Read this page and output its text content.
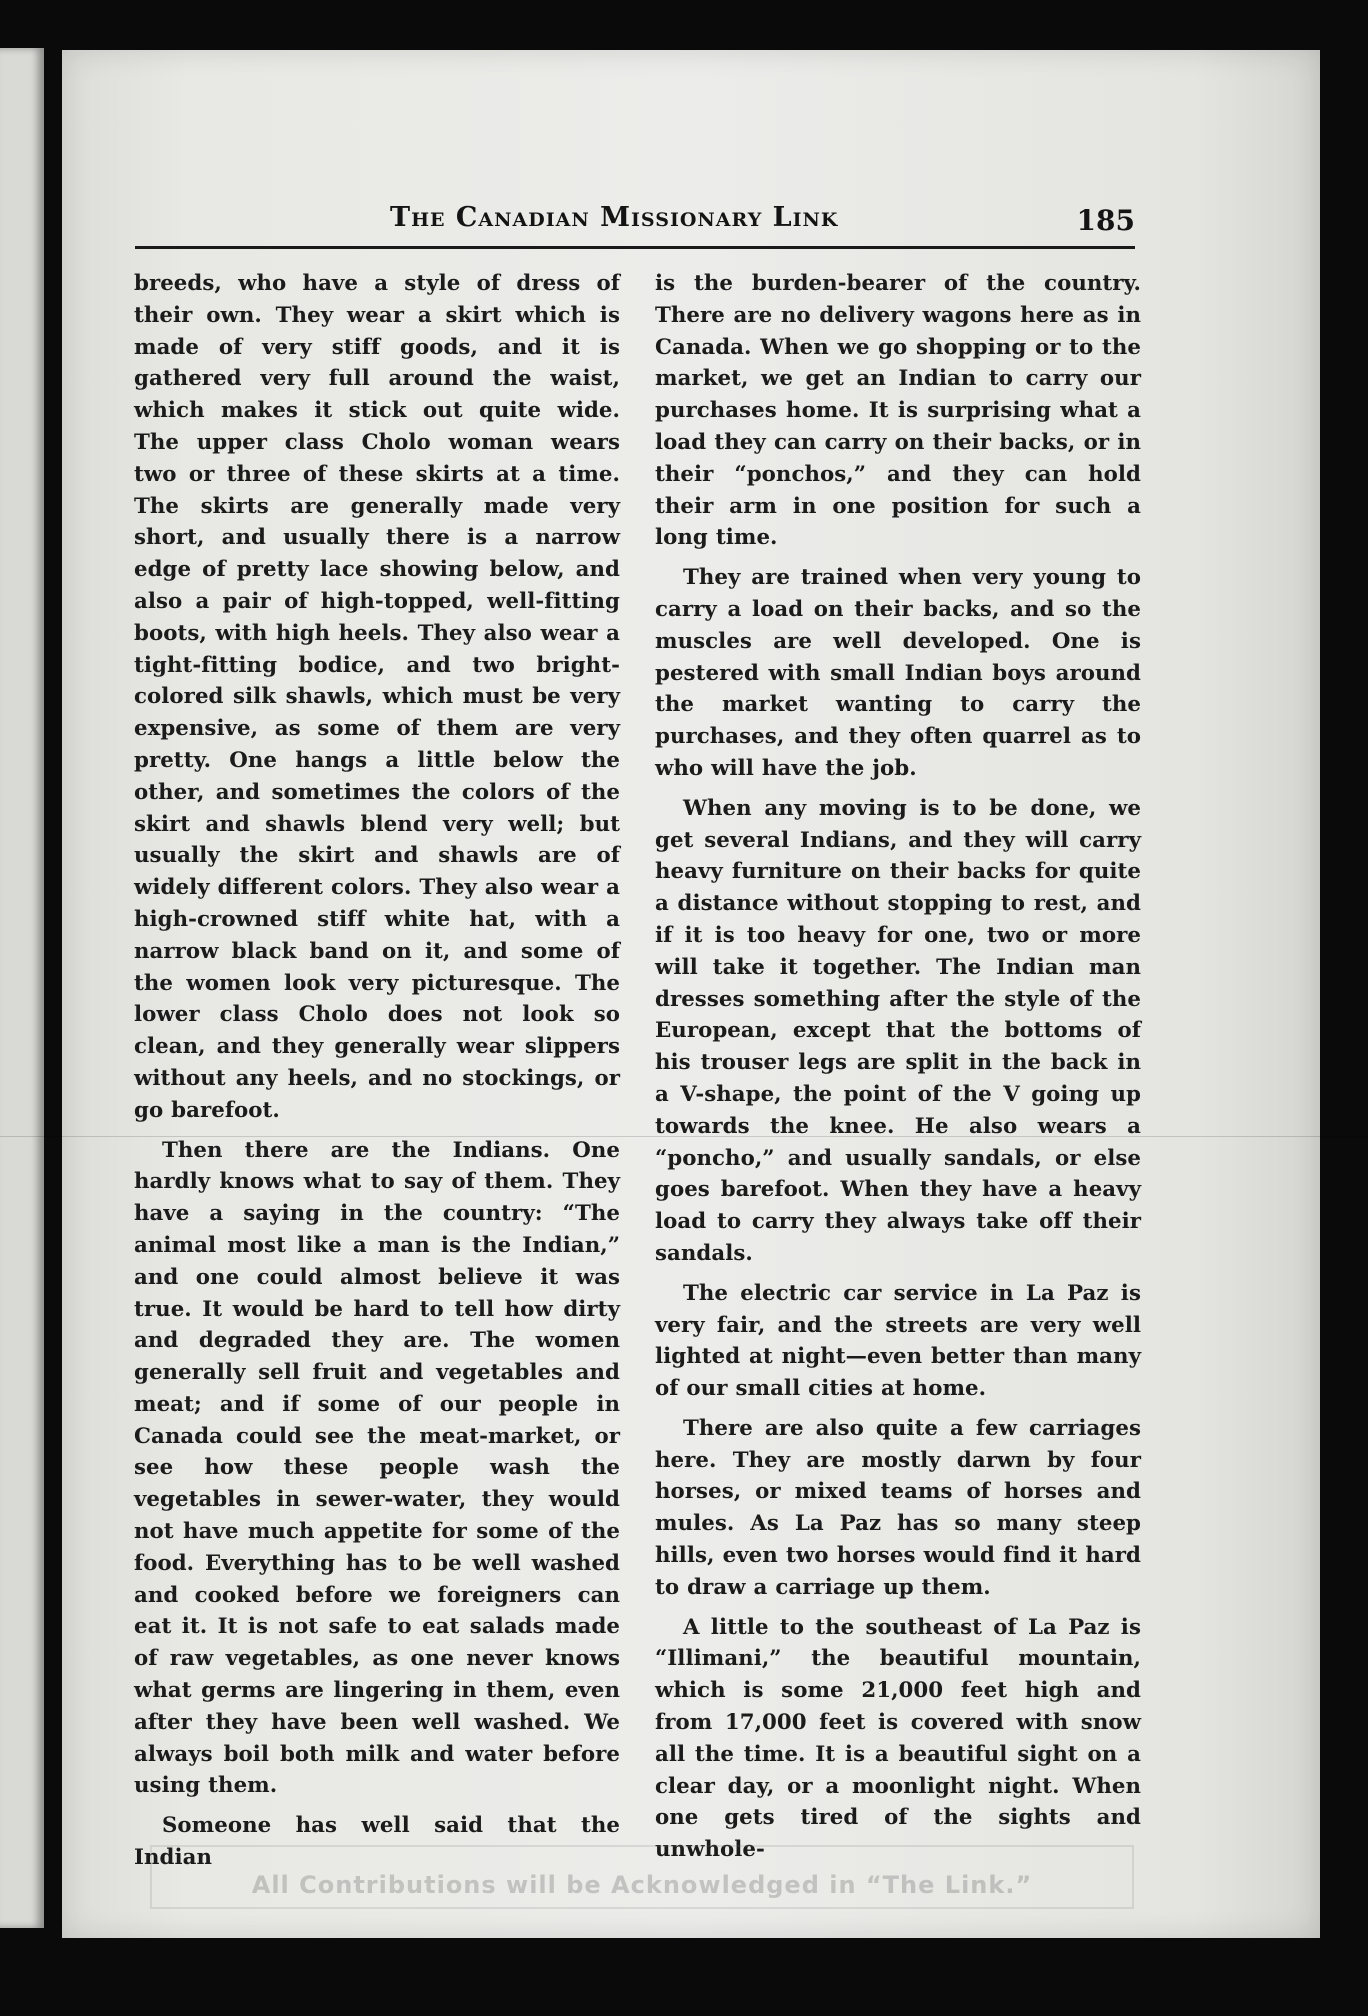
The Canadian Missionary Link	185

breeds, who have a style of dress of their own. They wear a skirt which is made of very stiff goods, and it is gathered very full around the waist, which makes it stick out quite wide. The upper class Cholo woman wears two or three of these skirts at a time. The skirts are generally made very short, and usually there is a narrow edge of pretty lace showing below, and also a pair of high-topped, well-fitting boots, with high heels. They also wear a tight-fitting bodice, and two bright-colored silk shawls, which must be very expensive, as some of them are very pretty. One hangs a little below the other, and sometimes the colors of the skirt and shawls blend very well; but usually the skirt and shawls are of widely different colors. They also wear a high-crowned stiff white hat, with a narrow black band on it, and some of the women look very picturesque. The lower class Cholo does not look so clean, and they generally wear slippers without any heels, and no stockings, or go barefoot.

Then there are the Indians. One hardly knows what to say of them. They have a saying in the country: “The animal most like a man is the Indian,” and one could almost believe it was true. It would be hard to tell how dirty and degraded they are. The women generally sell fruit and vegetables and meat; and if some of our people in Canada could see the meat-market, or see how these people wash the vegetables in sewer-water, they would not have much appetite for some of the food. Everything has to be well washed and cooked before we foreigners can eat it. It is not safe to eat salads made of raw vegetables, as one never knows what germs are lingering in them, even after they have been well washed. We always boil both milk and water before using them.

Someone has well said that the Indian

is the burden-bearer of the country. There are no delivery wagons here as in Canada. When we go shopping or to the market, we get an Indian to carry our purchases home. It is surprising what a load they can carry on their backs, or in their “ponchos,” and they can hold their arm in one position for such a long time.

They are trained when very young to carry a load on their backs, and so the muscles are well developed. One is pestered with small Indian boys around the market wanting to carry the purchases, and they often quarrel as to who will have the job.

When any moving is to be done, we get several Indians, and they will carry heavy furniture on their backs for quite a distance without stopping to rest, and if it is too heavy for one, two or more will take it together. The Indian man dresses something after the style of the European, except that the bottoms of his trouser legs are split in the back in a V-shape, the point of the V going up towards the knee. He also wears a “poncho,” and usually sandals, or else goes barefoot. When they have a heavy load to carry they always take off their sandals.

The electric car service in La Paz is very fair, and the streets are very well lighted at night—even better than many of our small cities at home.

There are also quite a few carriages here. They are mostly darwn by four horses, or mixed teams of horses and mules. As La Paz has so many steep hills, even two horses would find it hard to draw a carriage up them.

A little to the southeast of La Paz is “Illimani,” the beautiful mountain, which is some 21,000 feet high and from 17,000 feet is covered with snow all the time. It is a beautiful sight on a clear day, or a moonlight night. When one gets tired of the sights and unwhole-

All Contributions will be Acknowledged in “The Link.”
